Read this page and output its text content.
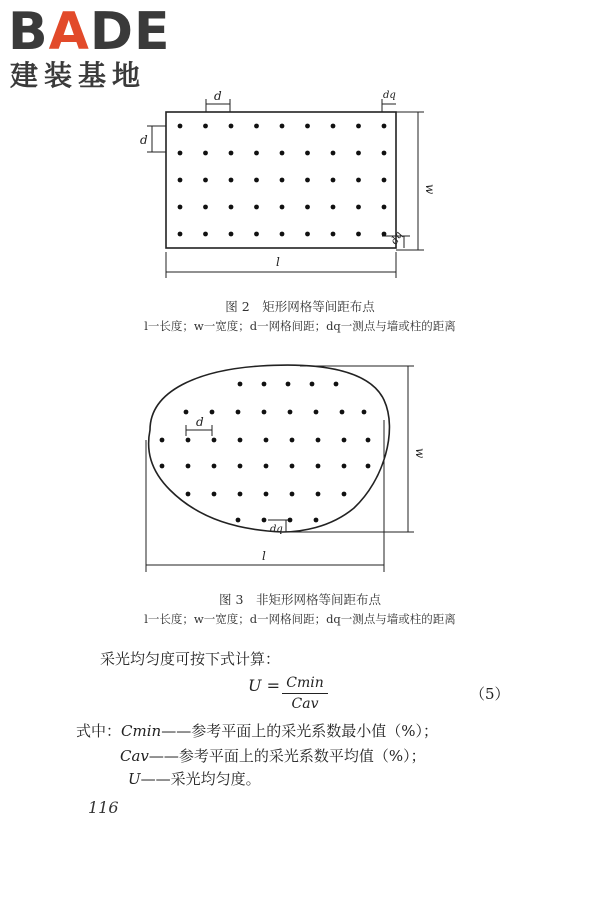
BADE
建装基地
d	dq
d
w
dq
l
d
w
dq
l
图 2　矩形网格等间距布点
l一长度；w一宽度；d一网格间距；dq一测点与墙或柱的距离
图 3　非矩形网格等间距布点
l一长度；w一宽度；d一网格间距；dq一测点与墙或柱的距离
采光均匀度可按下式计算：
U = Cmin
Cav
（5）
式中：Cmin——参考平面上的采光系数最小值（%）；
Cav——参考平面上的采光系数平均值（%）；
U——采光均匀度。
116
